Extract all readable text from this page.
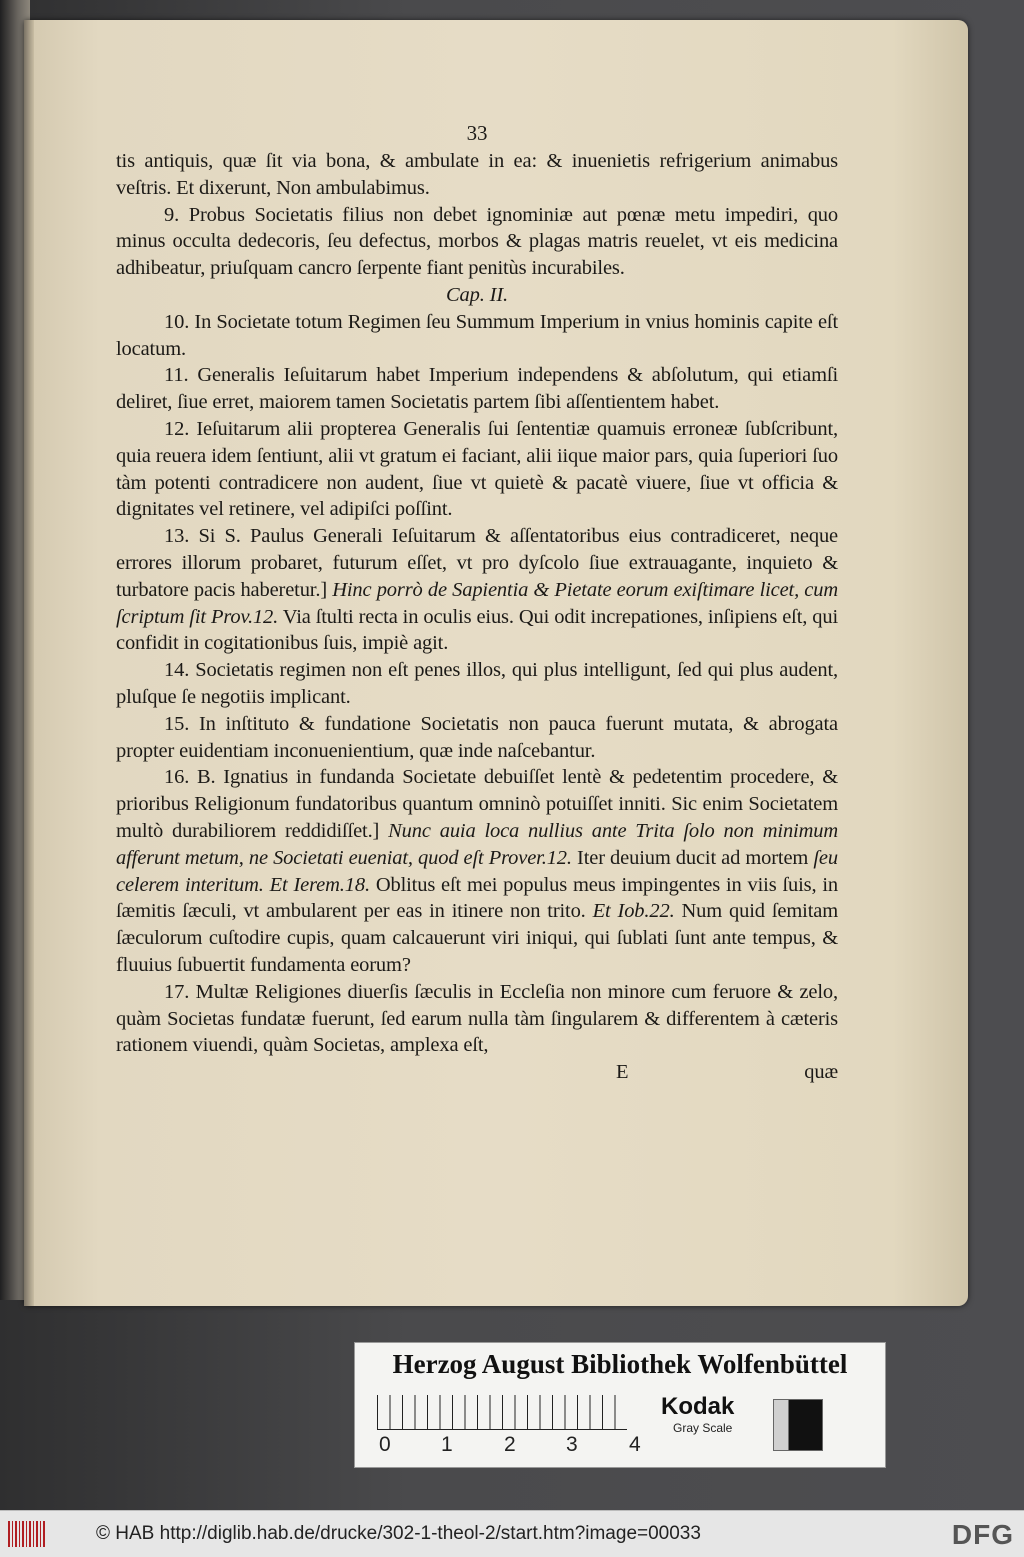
33

tis antiquis, quæ ſit via bona, & ambulate in ea: & inuenietis refrigerium animabus veſtris. Et dixerunt, Non ambulabimus.

9. Probus Societatis filius non debet ignominiæ aut pœnæ metu impediri, quo minus occulta dedecoris, ſeu defectus, morbos & plagas matris reuelet, vt eis medicina adhibeatur, priuſquam cancro ſerpente fiant penitùs incurabiles.

Cap. II.

10. In Societate totum Regimen ſeu Summum Imperium in vnius hominis capite eſt locatum.

11. Generalis Ieſuitarum habet Imperium independens & abſolutum, qui etiamſi deliret, ſiue erret, maiorem tamen Societatis partem ſibi aſſentientem habet.

12. Ieſuitarum alii propterea Generalis ſui ſententiæ quamuis erroneæ ſubſcribunt, quia reuera idem ſentiunt, alii vt gratum ei faciant, alii iique maior pars, quia ſuperiori ſuo tàm potenti contradicere non audent, ſiue vt quietè & pacatè viuere, ſiue vt officia & dignitates vel retinere, vel adipiſci poſſint.

13. Si S. Paulus Generali Ieſuitarum & aſſentatoribus eius contradiceret, neque errores illorum probaret, futurum eſſet, vt pro dyſcolo ſiue extrauagante, inquieto & turbatore pacis haberetur.] Hinc porrò de Sapientia & Pietate eorum exiſtimare licet, cum ſcriptum ſit Prov.12. Via ſtulti recta in oculis eius. Qui odit increpationes, inſipiens eſt, qui confidit in cogitationibus ſuis, impiè agit.

14. Societatis regimen non eſt penes illos, qui plus intelligunt, ſed qui plus audent, pluſque ſe negotiis implicant.

15. In inſtituto & fundatione Societatis non pauca fuerunt mutata, & abrogata propter euidentiam inconuenientium, quæ inde naſcebantur.

16. B. Ignatius in fundanda Societate debuiſſet lentè & pedetentim procedere, & prioribus Religionum fundatoribus quantum omninò potuiſſet inniti. Sic enim Societatem multò durabiliorem reddidiſſet.] Nunc auia loca nullius ante Trita ſolo non minimum afferunt metum, ne Societati eueniat, quod eſt Prover.12. Iter deuium ducit ad mortem ſeu celerem interitum. Et Ierem.18. Oblitus eſt mei populus meus impingentes in viis ſuis, in ſæmitis ſæculi, vt ambularent per eas in itinere non trito. Et Iob.22. Num quid ſemitam ſæculorum cuſtodire cupis, quam calcauerunt viri iniqui, qui ſublati ſunt ante tempus, & fluuius ſubuertit fundamenta eorum?

17. Multæ Religiones diuerſis ſæculis in Eccleſia non minore cum feruore & zelo, quàm Societas fundatæ fuerunt, ſed earum nulla tàm ſingularem & differentem à cæteris rationem viuendi, quàm Societas, amplexa eſt,

E	quæ
Herzog August Bibliothek Wolfenbüttel
0 1 2 3 4
Kodak
Gray Scale
© HAB http://diglib.hab.de/drucke/302-1-theol-2/start.htm?image=00033	DFG
